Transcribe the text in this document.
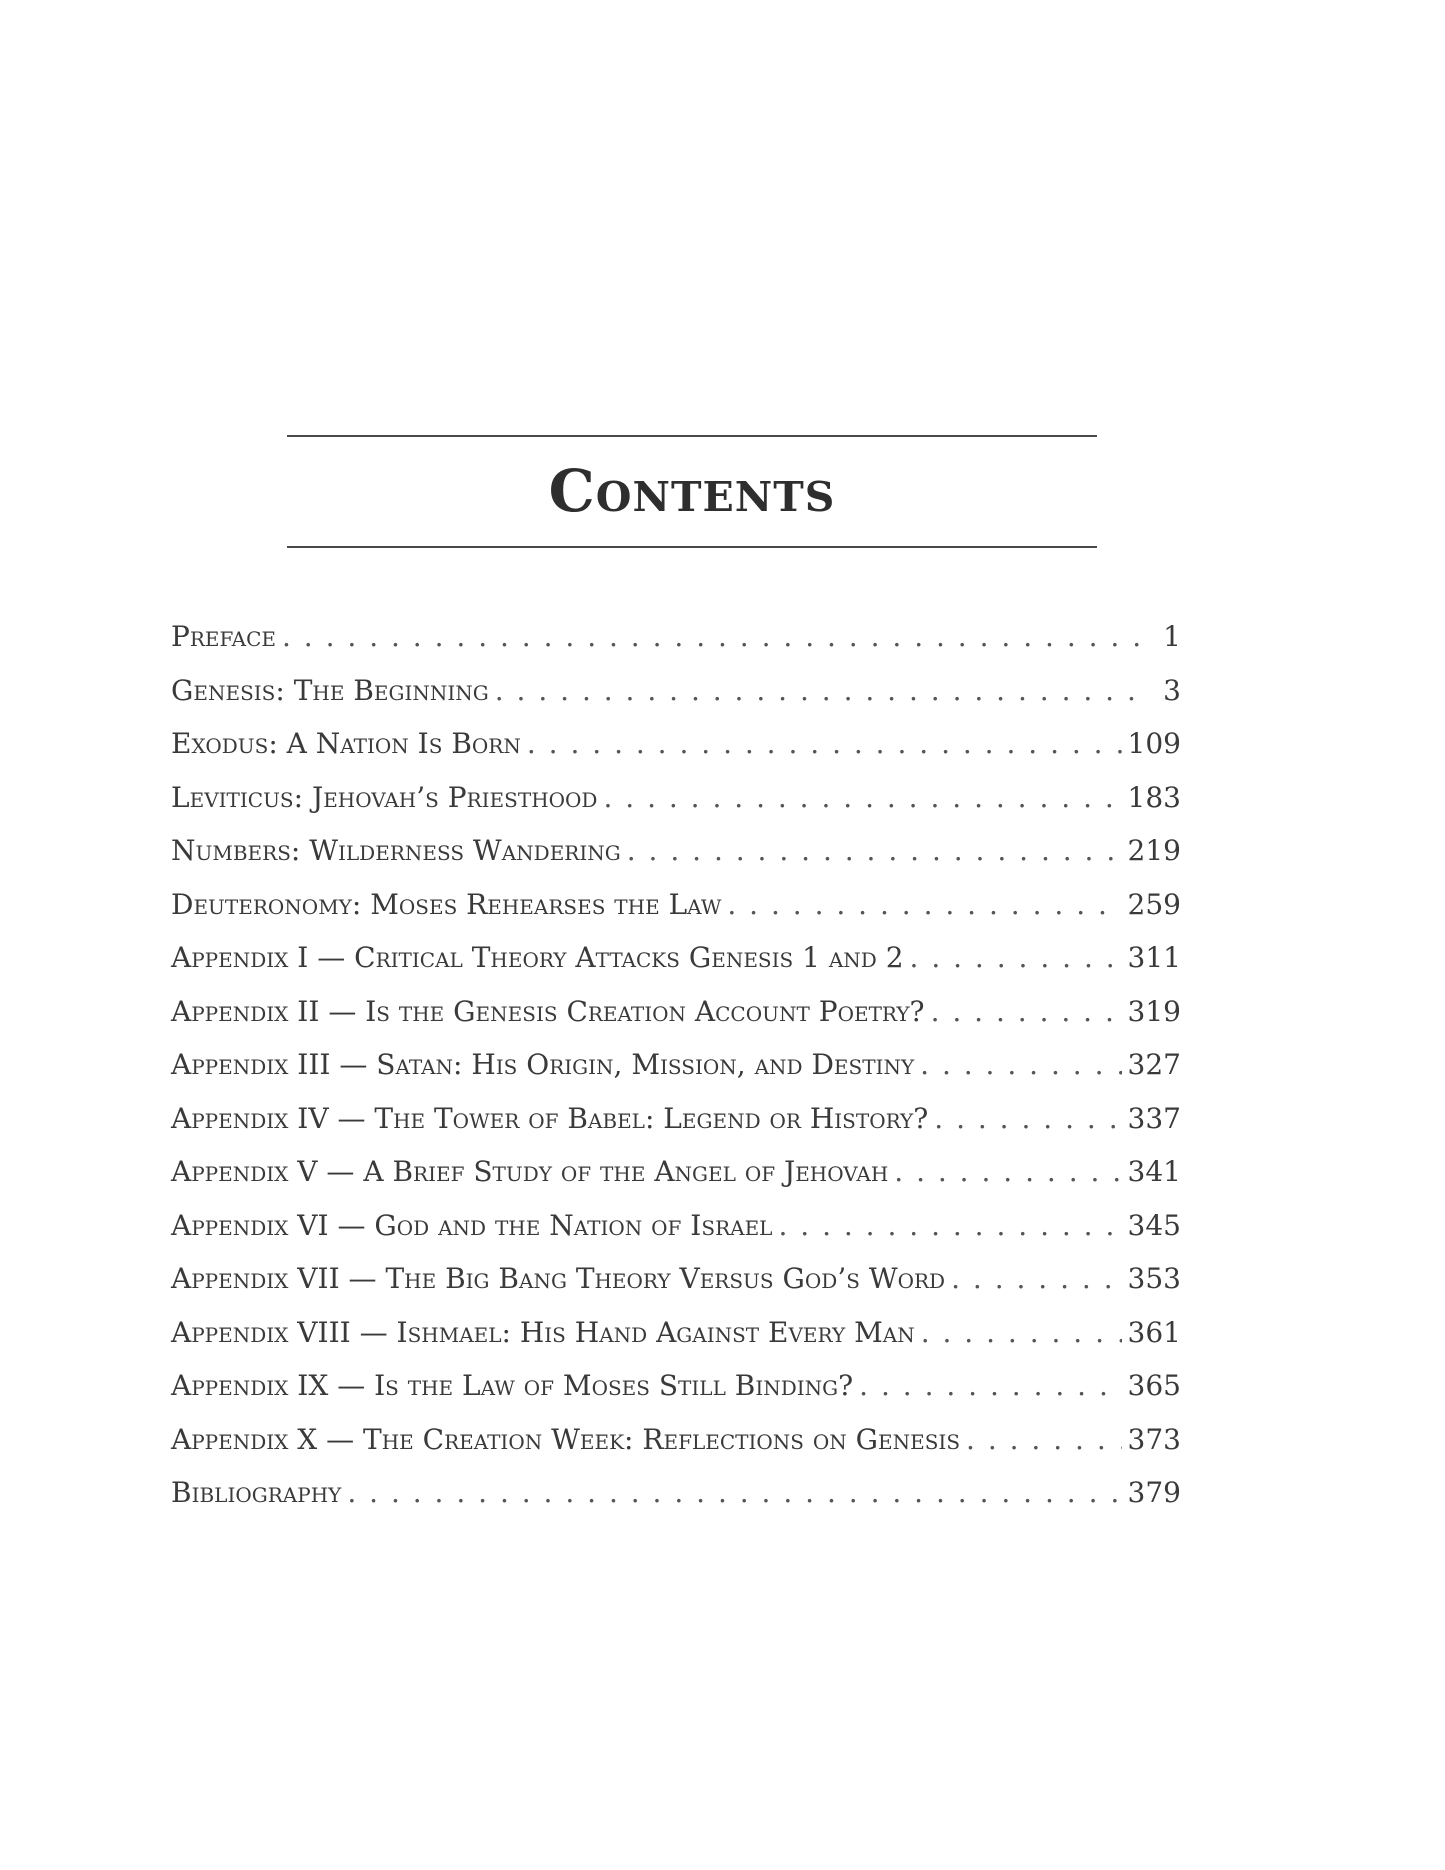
Contents
Preface . . .	1
Genesis: The Beginning . . .	3
Exodus: A Nation Is Born . . .	109
Leviticus: Jehovah’s Priesthood . . .	183
Numbers: Wilderness Wandering . . .	219
Deuteronomy: Moses Rehearses the Law . . .	259
Appendix I — Critical Theory Attacks Genesis 1 and 2 . . .	311
Appendix II — Is the Genesis Creation Account Poetry? . . .	319
Appendix III — Satan: His Origin, Mission, and Destiny . . .	327
Appendix IV — The Tower of Babel: Legend or History? . . .	337
Appendix V — A Brief Study of the Angel of Jehovah . . .	341
Appendix VI — God and the Nation of Israel . . .	345
Appendix VII — The Big Bang Theory Versus God’s Word . . .	353
Appendix VIII — Ishmael: His Hand Against Every Man . . .	361
Appendix IX — Is the Law of Moses Still Binding? . . .	365
Appendix X — The Creation Week: Reflections on Genesis . . .	373
Bibliography . . .	379
